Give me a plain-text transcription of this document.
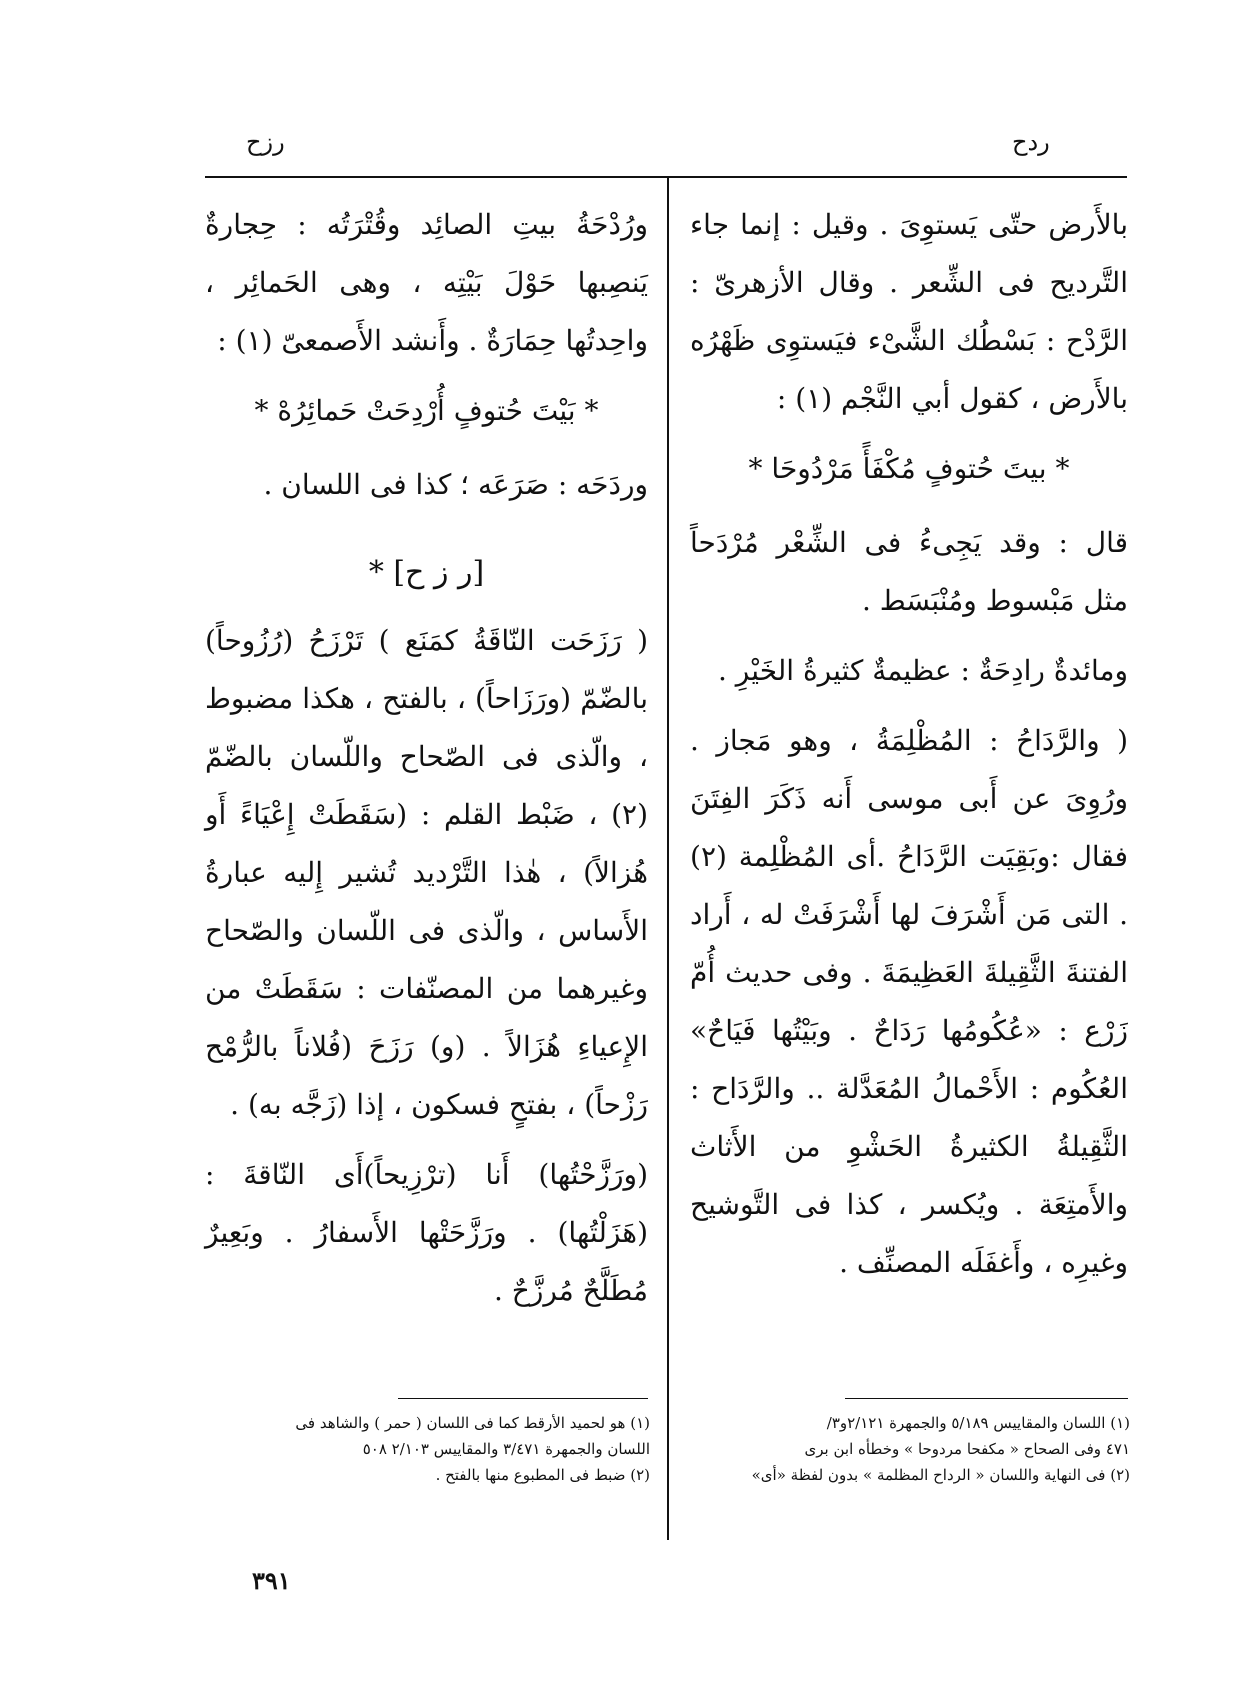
ردح
رزح

بالأَرض حتّى يَستوِىَ . وقيل : إنما جاء التَّرديح فى الشِّعر . وقال الأزهرىّ : الرَّدْح : بَسْطُك الشَّىْء فيَستوِى ظَهْرُه بالأَرض ، كقول أبي النَّجْم (١) :

* بيتَ حُتوفٍ مُكْفَأً مَرْدُوحَا *

قال : وقد يَجِىءُ فى الشِّعْر مُرْدَحاً مثل مَبْسوط ومُنْبَسَط .

ومائدةٌ رادِحَةٌ : عظيمةٌ كثيرةُ الخَيْرِ .

( والرَّدَاحُ : المُظْلِمَةُ ، وهو مَجاز . ورُوِىَ عن أَبى موسى أَنه ذَكَرَ الفِتَنَ فقال :وبَقِيَت الرَّدَاحُ .أى المُظْلِمة (٢) . التى مَن أَشْرَفَ لها أَشْرَفَتْ له ، أَراد الفتنةَ الثَّقِيلةَ العَظِيمَةَ . وفى حديث أُمّ زَرْع : «عُكُومُها رَدَاحٌ . وبَيْتُها فَيَاحٌ» العُكُوم : الأَحْمالُ المُعَدَّلة .. والرَّدَاح : الثَّقِيلةُ الكثيرةُ الحَشْوِ من الأَثاث والأَمتِعَة . ويُكسر ، كذا فى التَّوشيح وغيرِه ، وأَغفَلَه المصنِّف .

ورُدْحَةُ بيتِ الصائِد وقُتْرَتُه : حِجارةٌ يَنصِبها حَوْلَ بَيْتِه ، وهى الحَمائِر ، واحِدتُها حِمَارَةٌ . وأَنشد الأَصمعىّ (١) :

* بَيْتَ حُتوفٍ أُرْدِحَتْ حَمائِرُهْ *

وردَحَه : صَرَعَه ؛ كذا فى اللسان .

[ر ز ح] *

( رَزَحَت النّاقَةُ كمَنَع ) تَرْزَحُ (رُزُوحاً) بالضّمّ (ورَزَاحاً) ، بالفتح ، هكذا مضبوط ، والّذى فى الصّحاح واللّسان بالضّمّ (٢) ، ضَبْط القلم : (سَقَطَتْ إِعْيَاءً أَو هُزالاً) ، هٰذا التَّرْديد تُشير إِليه عبارةُ الأَساس ، والّذى فى اللّسان والصّحاح وغيرهما من المصنّفات : سَقَطَتْ من الإِعياءِ هُزَالاً . (و) رَزَحَ (فُلاناً بالرُّمْح رَزْحاً) ، بفتحٍ فسكون ، إذا (زَجَّه به) .

(ورَزَّحْتُها) أَنا (ترْزِيحاً)أَى النّاقةَ : (هَزَلْتُها) . ورَزَّحَتْها الأَسفارُ . وبَعِيرٌ مُطَلَّحٌ مُرزَّحٌ .

(١) اللسان والمقاييس ٥/١٨٩ والجمهرة ٢/١٢١و٣/
٤٧١ وفى الصحاح « مكفحا مردوحا » وخطأه ابن برى
(٢) فى النهاية واللسان « الرداح المظلمة » بدون لفظة «أى»
(١) هو لحميد الأرقط كما فى اللسان ( حمر ) والشاهد فى
اللسان والجمهرة ٣/٤٧١ والمقاييس ٢/١٠٣ ٥٠٨
(٢) ضبط فى المطبوع منها بالفتح .
٣٩١
